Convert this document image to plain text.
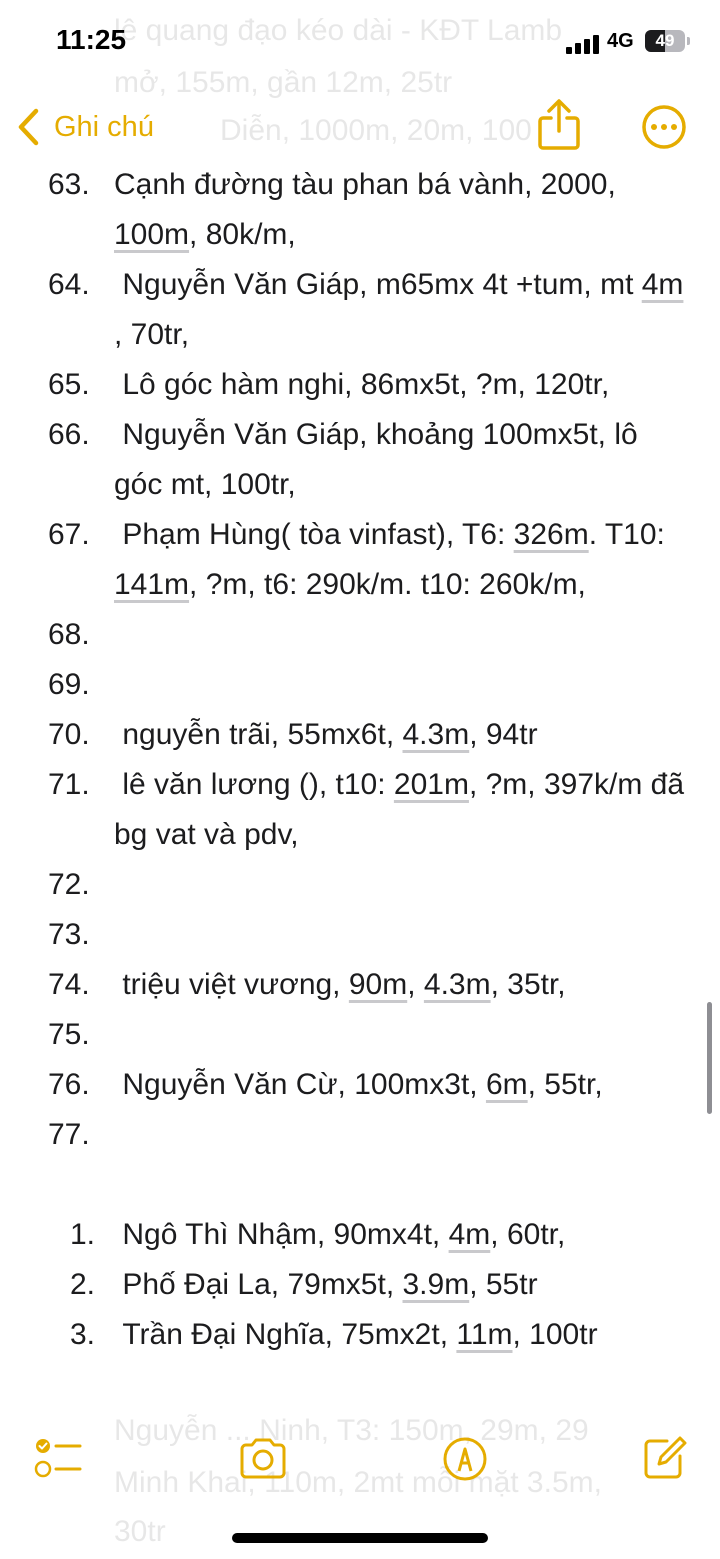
lê quang đạo kéo dài - KĐT Lamb
mở, 155m, gần 12m, 25tr
Diễn, 1000m, 20m, 100
11:25	4G	49
Ghi chú
63. Cạnh đường tàu phan bá vành, 2000, 100m, 80k/m,
64. Nguyễn Văn Giáp, m65mx 4t +tum, mt 4m , 70tr,
65. Lô góc hàm nghi, 86mx5t, ?m, 120tr,
66. Nguyễn Văn Giáp, khoảng 100mx5t, lô góc mt, 100tr,
67. Phạm Hùng( tòa vinfast), T6: 326m. T10: 141m, ?m, t6: 290k/m. t10: 260k/m,
68.
69.
70. nguyễn trãi, 55mx6t, 4.3m, 94tr
71. lê văn lương (), t10: 201m, ?m, 397k/m đã bg vat và pdv,
72.
73.
74. triệu việt vương, 90m, 4.3m, 35tr,
75.
76. Nguyễn Văn Cừ, 100mx3t, 6m, 55tr,
77.
1. Ngô Thì Nhậm, 90mx4t, 4m, 60tr,
2. Phố Đại La, 79mx5t, 3.9m, 55tr
3. Trần Đại Nghĩa, 75mx2t, 11m, 100tr
Nguyễn ... Ninh, T3: 150m, 29m, 29
Minh Khai, 110m, 2mt mỗi mặt 3.5m,
30tr
